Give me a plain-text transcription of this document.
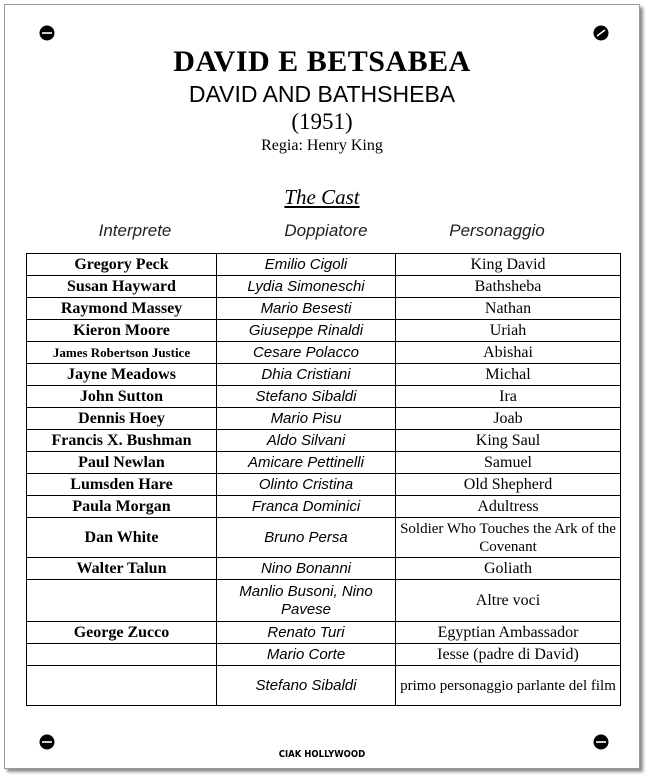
DAVID E BETSABEA
DAVID AND BATHSHEBA
(1951)
Regia: Henry King
The Cast
Interprete	Doppiatore	Personaggio
Gregory Peck	Emilio Cigoli	King David
Susan Hayward	Lydia Simoneschi	Bathsheba
Raymond Massey	Mario Besesti	Nathan
Kieron Moore	Giuseppe Rinaldi	Uriah
James Robertson Justice	Cesare Polacco	Abishai
Jayne Meadows	Dhia Cristiani	Michal
John Sutton	Stefano Sibaldi	Ira
Dennis Hoey	Mario Pisu	Joab
Francis X. Bushman	Aldo Silvani	King Saul
Paul Newlan	Amicare Pettinelli	Samuel
Lumsden Hare	Olinto Cristina	Old Shepherd
Paula Morgan	Franca Dominici	Adultress
Dan White	Bruno Persa	Soldier Who Touches the Ark of the Covenant
Walter Talun	Nino Bonanni	Goliath
	Manlio Busoni, Nino Pavese	Altre voci
George Zucco	Renato Turi	Egyptian Ambassador
	Mario Corte	Iesse (padre di David)
	Stefano Sibaldi	primo personaggio parlante del film
CIAK HOLLYWOOD
